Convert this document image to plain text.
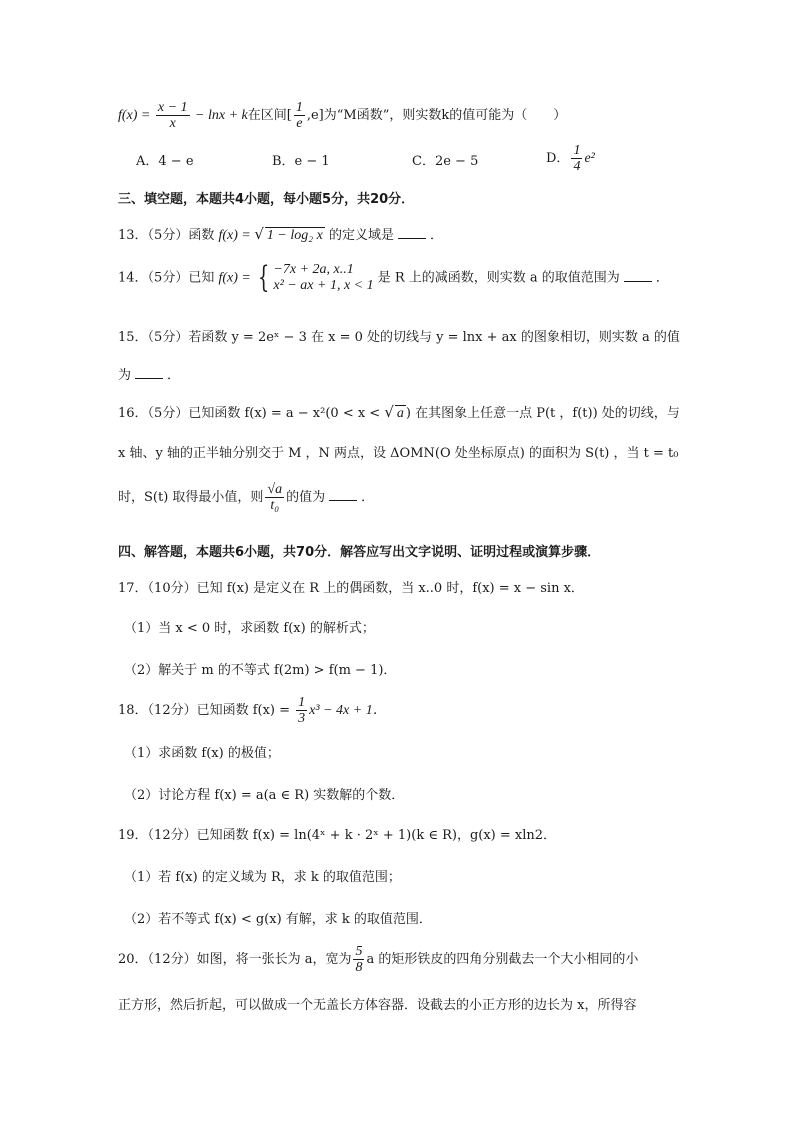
$f(x) = \frac{x - 1}{x} - \ln x + k$在区间[ $\frac{1}{e} ,e$]为“M函数”，则实数k的值可能为（　　）
A．4 − e	B．e − 1	C．2e − 5	D． $\frac{1}{4} e^2$
三、填空题，本题共4小题，每小题5分，共20分．
13．（5分）函数 f(x) = √ 1 − log₂ x 的定义域是	．
14．（5分）已知 f(x) = { −7x + 2a, x..1
x² − ax + 1, x < 1 是 R 上的减函数，则实数 a 的取值范围为	．
15．（5分）若函数 y = 2eˣ − 3 在 x = 0 处的切线与 y = lnx + ax 的图象相切，则实数 a 的值
为	．
16．（5分）已知函数 f(x) = a − x²(0 < x < √ a ) 在其图象上任意一点 P(t ，f(t)) 处的切线，与
x 轴、y 轴的正半轴分别交于 M ，N 两点，设 ΔOMN(O 处坐标原点) 的面积为 S(t) ，当 t = t₀
时，S(t) 取得最小值，则 $\frac{√a}{\text{t₀}}$ 的值为	．
四、解答题，本题共6小题，共70分．解答应写出文字说明、证明过程或演算步骤．
17．（10分）已知 f(x) 是定义在 R 上的偶函数，当 x..0 时，f(x) = x − sin x．
（1）当 x < 0 时，求函数 f(x) 的解析式；
（2）解关于 m 的不等式 f(2m) > f(m − 1)．
18．（12分）已知函数 $f(x) = \frac{1}{3} x^3 - 4x + 1$．
（1）求函数 f(x) 的极值；
（2）讨论方程 f(x) = a(a ∈ R) 实数解的个数．
19．（12分）已知函数 f(x) = ln(4ˣ + k · 2ˣ + 1)(k ∈ R)，g(x) = xln2．
（1）若 f(x) 的定义域为 R，求 k 的取值范围；
（2）若不等式 f(x) < g(x) 有解，求 k 的取值范围．
20．（12分）如图，将一张长为 a，宽为 $\frac{5}{8}$ a 的矩形铁皮的四角分别截去一个大小相同的小
正方形，然后折起，可以做成一个无盖长方体容器．设截去的小正方形的边长为 x，所得容
